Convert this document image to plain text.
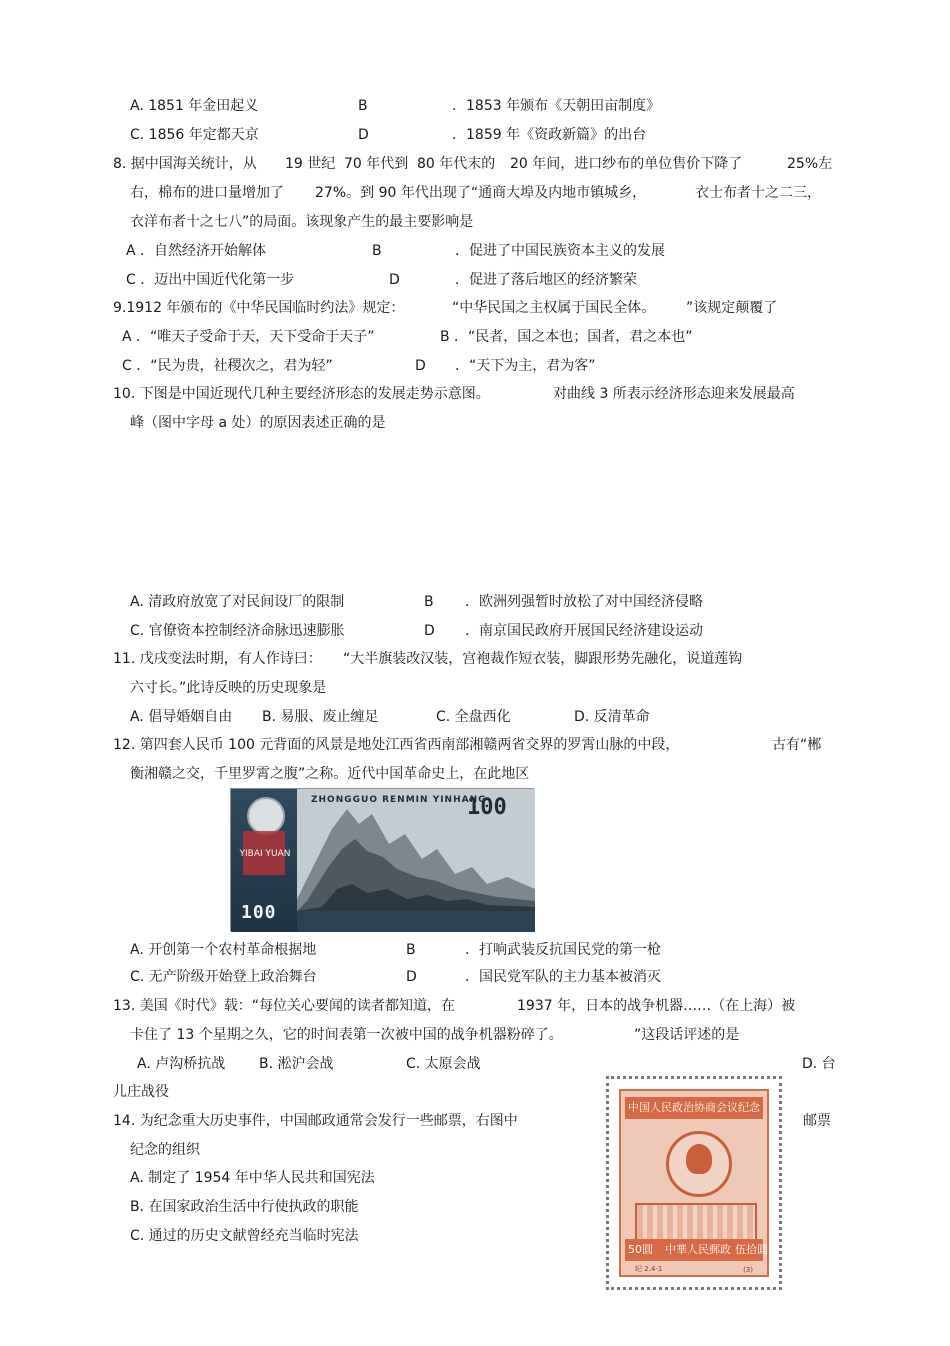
A. 1851 年金田起义	B	．1853 年颁布《天朝田亩制度》
C. 1856 年定都天京	D	．1859 年《资政新篇》的出台
8. 据中国海关统计，从 19 世纪 70 年代到 80 年代末的 20 年间，进口纱布的单位售价下降了	25%左
右，棉布的进口量增加了 27%。到 90 年代出现了“通商大埠及内地市镇城乡，	衣士布者十之二三，
衣洋布者十之七八”的局面。该现象产生的最主要影响是
A ．自然经济开始解体	B	．促进了中国民族资本主义的发展
C ．迈出中国近代化第一步	D	．促进了落后地区的经济繁荣
9.1912 年颁布的《中华民国临时约法》规定：	“中华民国之主权属于国民全体。 ”该规定颠覆了
A ．“唯天子受命于天，天下受命于天子”	B ．“民者，国之本也；国者，君之本也”
C ．“民为贵，社稷次之，君为轻”	D ．“天下为主，君为客”
10. 下图是中国近现代几种主要经济形态的发展走势示意图。	对曲线 3 所表示经济形态迎来发展最高
峰（图中字母 a 处）的原因表述正确的是
A. 清政府放宽了对民间设厂的限制	B ．欧洲列强暂时放松了对中国经济侵略
C. 官僚资本控制经济命脉迅速膨胀	D ．南京国民政府开展国民经济建设运动
11. 戊戌变法时期，有人作诗曰： “大半旗装改汉装，宫袍裁作短衣装，脚跟形势先融化，说道莲钩
六寸长。”此诗反映的历史现象是
A. 倡导婚姻自由 B. 易服、废止缠足	C. 全盘西化	D. 反清革命
12. 第四套人民币 100 元背面的风景是地处江西省西南部湘赣两省交界的罗霄山脉的中段，	古有“郴
衡湘赣之交，千里罗霄之腹”之称。近代中国革命史上，在此地区
YIBAI YUAN
ZHONGGUO RENMIN YINHANG
100
100
A. 开创第一个农村革命根据地	B	．打响武装反抗国民党的第一枪
C. 无产阶级开始登上政治舞台	D	．国民党军队的主力基本被消灭
13. 美国《时代》载：“每位关心要闻的读者都知道，在	1937 年，日本的战争机器……（在上海）被
卡住了 13 个星期之久，它的时间表第一次被中国的战争机器粉碎了。	”这段话评述的是
A. 卢沟桥抗战 B. 淞沪会战	C. 太原会战	D. 台
儿庄战役
14. 为纪念重大历史事件，中国邮政通常会发行一些邮票，右图中	邮票
纪念的组织
A. 制定了 1954 年中华人民共和国宪法
B. 在国家政治生活中行使执政的职能
C. 通过的历史文献曾经充当临时宪法
中国人民政治协商会议纪念
50圓 中華人民郵政 伍拾圓
纪 2.4-1	(3)
